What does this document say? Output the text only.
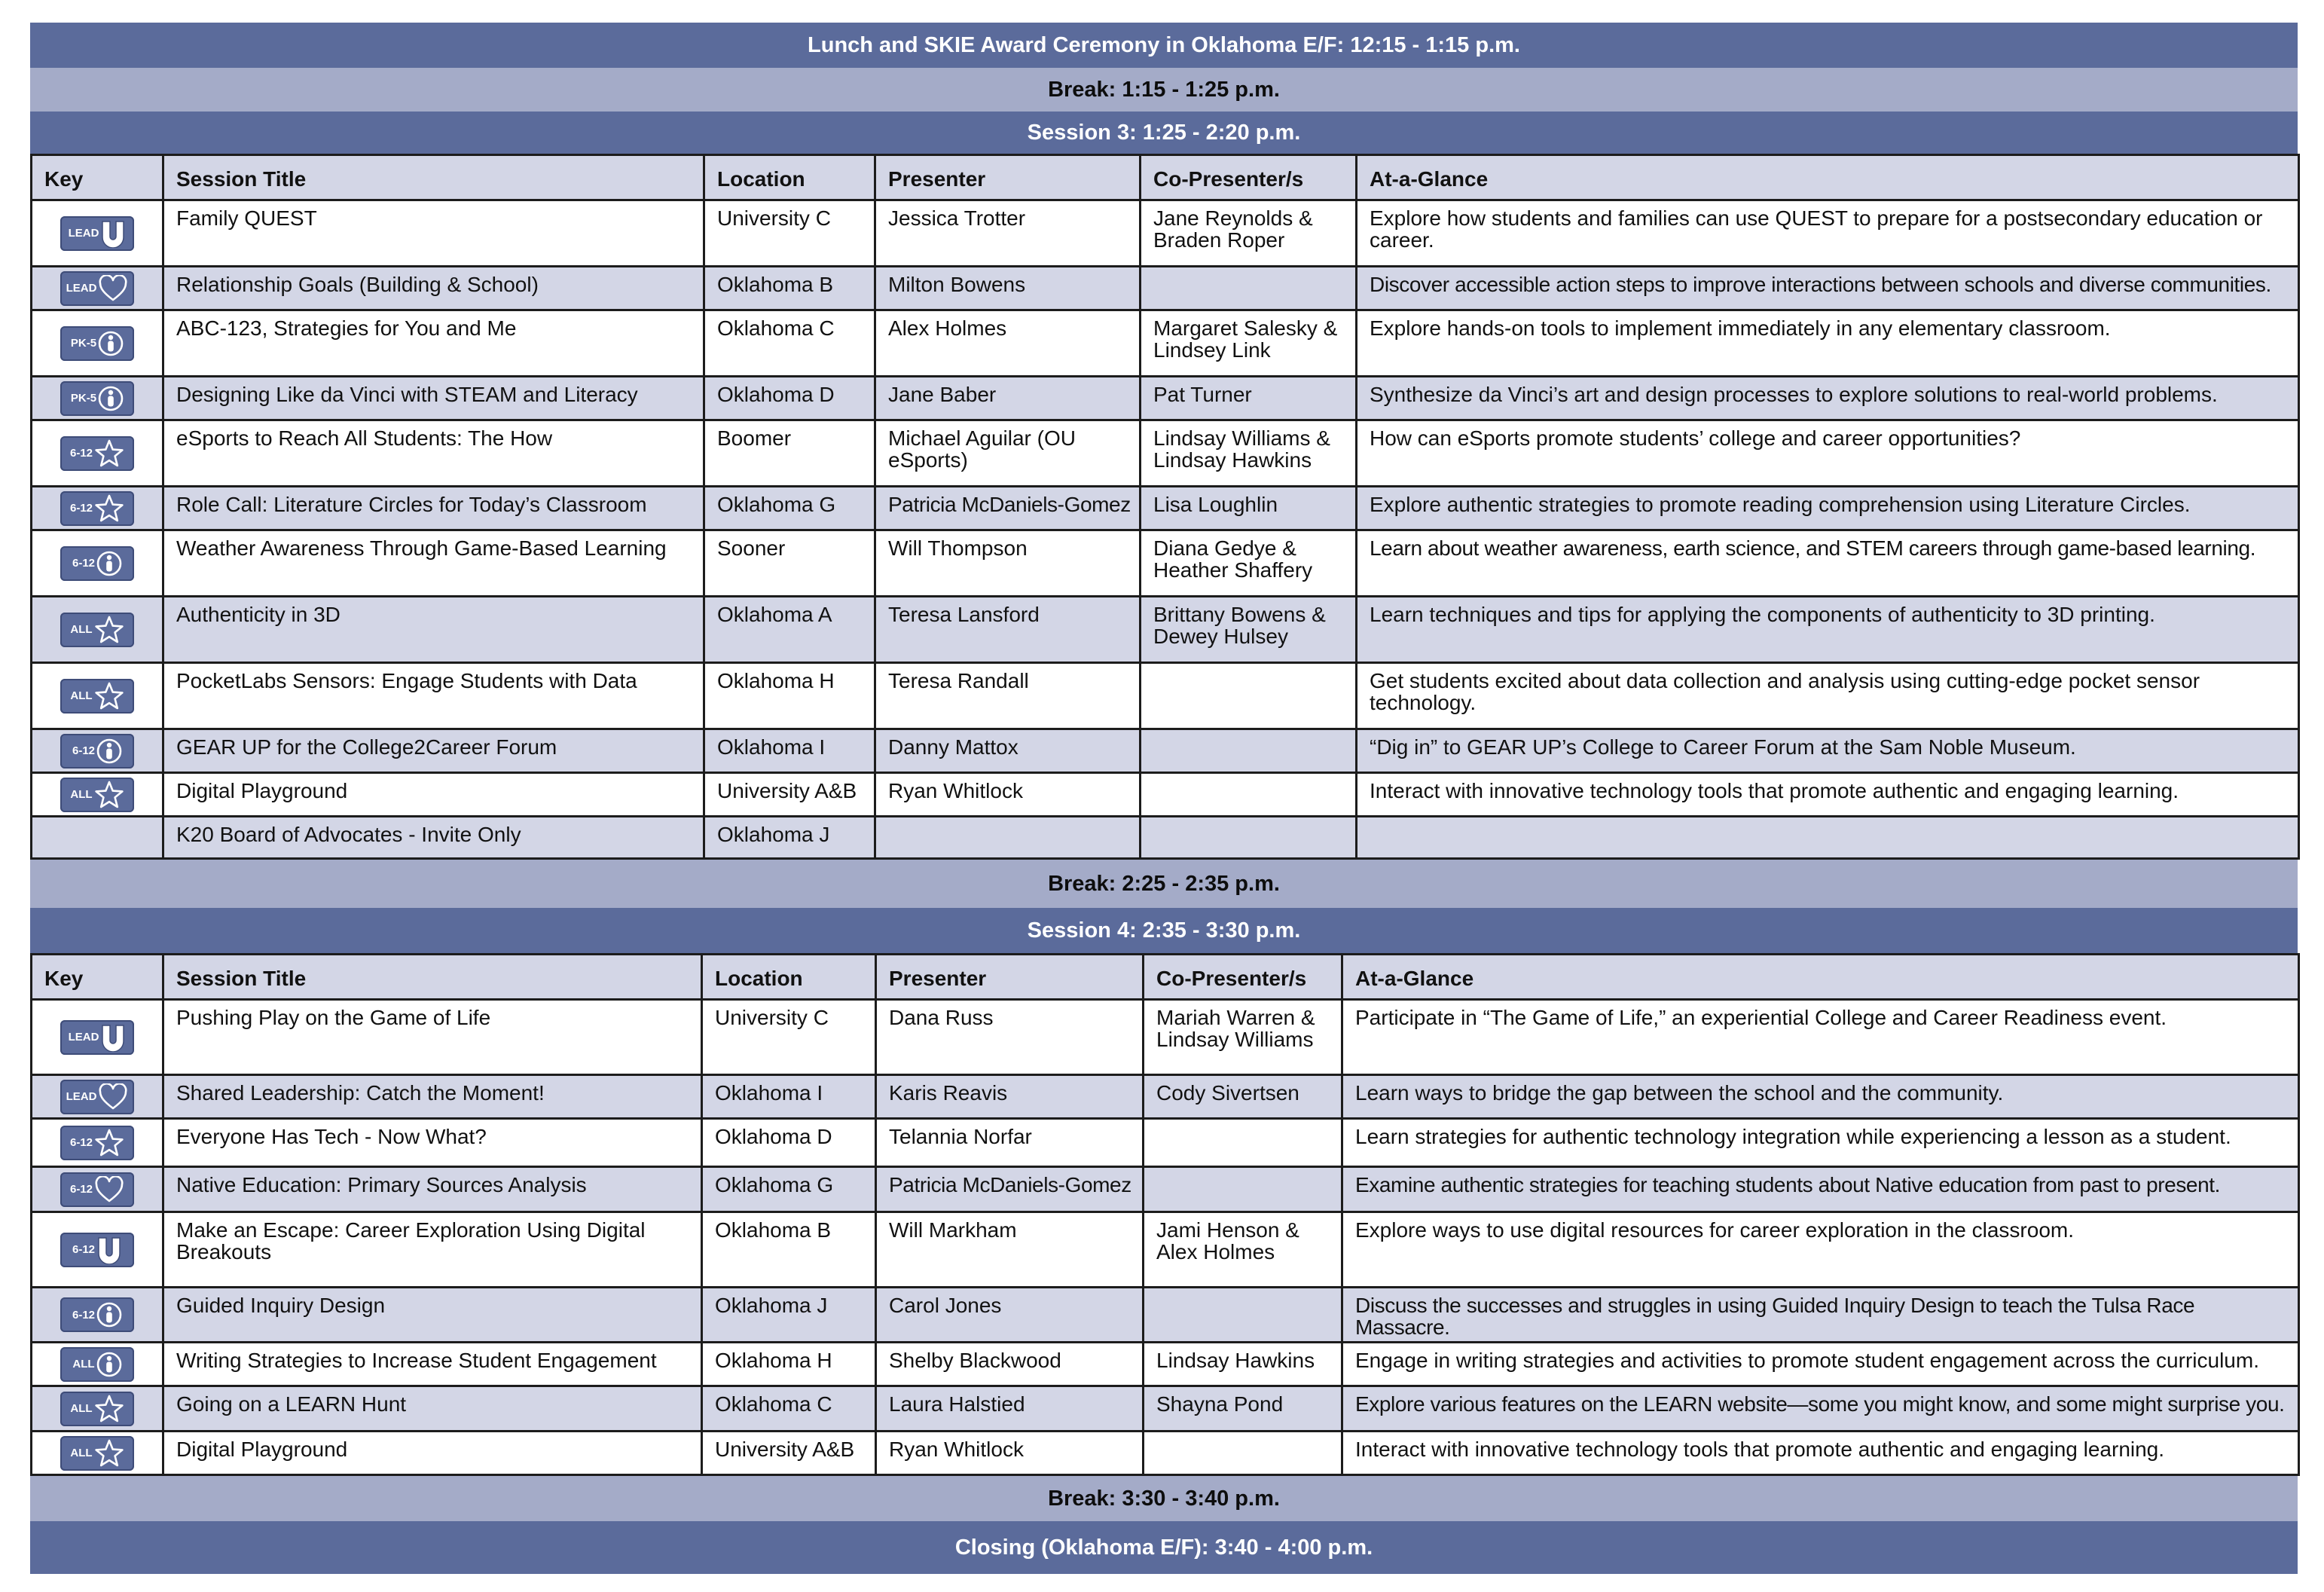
Lunch and SKIE Award Ceremony in Oklahoma E/F: 12:15 - 1:15 p.m.
Break: 1:15 - 1:25 p.m.
Session 3: 1:25 - 2:20 p.m.
Key	Session Title	Location	Presenter	Co-Presenter/s	At-a-Glance

LEAD	Family QUEST	University C	Jessica Trotter	Jane Reynolds & Braden Roper	Explore how students and families can use QUEST to prepare for a postsecondary education or career.

LEAD	Relationship Goals (Building & School)	Oklahoma B	Milton Bowens		Discover accessible action steps to improve interactions between schools and diverse communities.

PK-5	ABC-123, Strategies for You and Me	Oklahoma C	Alex Holmes	Margaret Salesky & Lindsey Link	Explore hands-on tools to implement immediately in any elementary classroom.

PK-5	Designing Like da Vinci with STEAM and Literacy	Oklahoma D	Jane Baber	Pat Turner	Synthesize da Vinci’s art and design processes to explore solutions to real-world problems.

6-12	eSports to Reach All Students: The How	Boomer	Michael Aguilar (OU eSports)	Lindsay Williams & Lindsay Hawkins	How can eSports promote students’ college and career opportunities?

6-12	Role Call: Literature Circles for Today’s Classroom	Oklahoma G	Patricia McDaniels-Gomez	Lisa Loughlin	Explore authentic strategies to promote reading comprehension using Literature Circles.

6-12	Weather Awareness Through Game-Based Learning	Sooner	Will Thompson	Diana Gedye & Heather Shaffery	Learn about weather awareness, earth science, and STEM careers through game-based learning.

ALL	Authenticity in 3D	Oklahoma A	Teresa Lansford	Brittany Bowens & Dewey Hulsey	Learn techniques and tips for applying the components of authenticity to 3D printing.

ALL	PocketLabs Sensors: Engage Students with Data	Oklahoma H	Teresa Randall		Get students excited about data collection and analysis using cutting-edge pocket sensor technology.

6-12	GEAR UP for the College2Career Forum	Oklahoma I	Danny Mattox		“Dig in” to GEAR UP’s College to Career Forum at the Sam Noble Museum.

ALL	Digital Playground	University A&B	Ryan Whitlock		Interact with innovative technology tools that promote authentic and engaging learning.
	K20 Board of Advocates - Invite Only	Oklahoma J			
Break: 2:25 - 2:35 p.m.
Session 4: 2:35 - 3:30 p.m.
Key	Session Title	Location	Presenter	Co-Presenter/s	At-a-Glance

LEAD	Pushing Play on the Game of Life	University C	Dana Russ	Mariah Warren & Lindsay Williams	Participate in “The Game of Life,” an experiential College and Career Readiness event.

LEAD	Shared Leadership: Catch the Moment!	Oklahoma I	Karis Reavis	Cody Sivertsen	Learn ways to bridge the gap between the school and the community.

6-12	Everyone Has Tech - Now What?	Oklahoma D	Telannia Norfar		Learn strategies for authentic technology integration while experiencing a lesson as a student.

6-12	Native Education: Primary Sources Analysis	Oklahoma G	Patricia McDaniels-Gomez		Examine authentic strategies for teaching students about Native education from past to present.

6-12	Make an Escape: Career Exploration Using Digital Breakouts	Oklahoma B	Will Markham	Jami Henson & Alex Holmes	Explore ways to use digital resources for career exploration in the classroom.

6-12	Guided Inquiry Design	Oklahoma J	Carol Jones		Discuss the successes and struggles in using Guided Inquiry Design to teach the Tulsa Race Massacre.

ALL	Writing Strategies to Increase Student Engagement	Oklahoma H	Shelby Blackwood	Lindsay Hawkins	Engage in writing strategies and activities to promote student engagement across the curriculum.

ALL	Going on a LEARN Hunt	Oklahoma C	Laura Halstied	Shayna Pond	Explore various features on the LEARN website—some you might know, and some might surprise you.

ALL	Digital Playground	University A&B	Ryan Whitlock		Interact with innovative technology tools that promote authentic and engaging learning.
Break: 3:30 - 3:40 p.m.
Closing (Oklahoma E/F): 3:40 - 4:00 p.m.
